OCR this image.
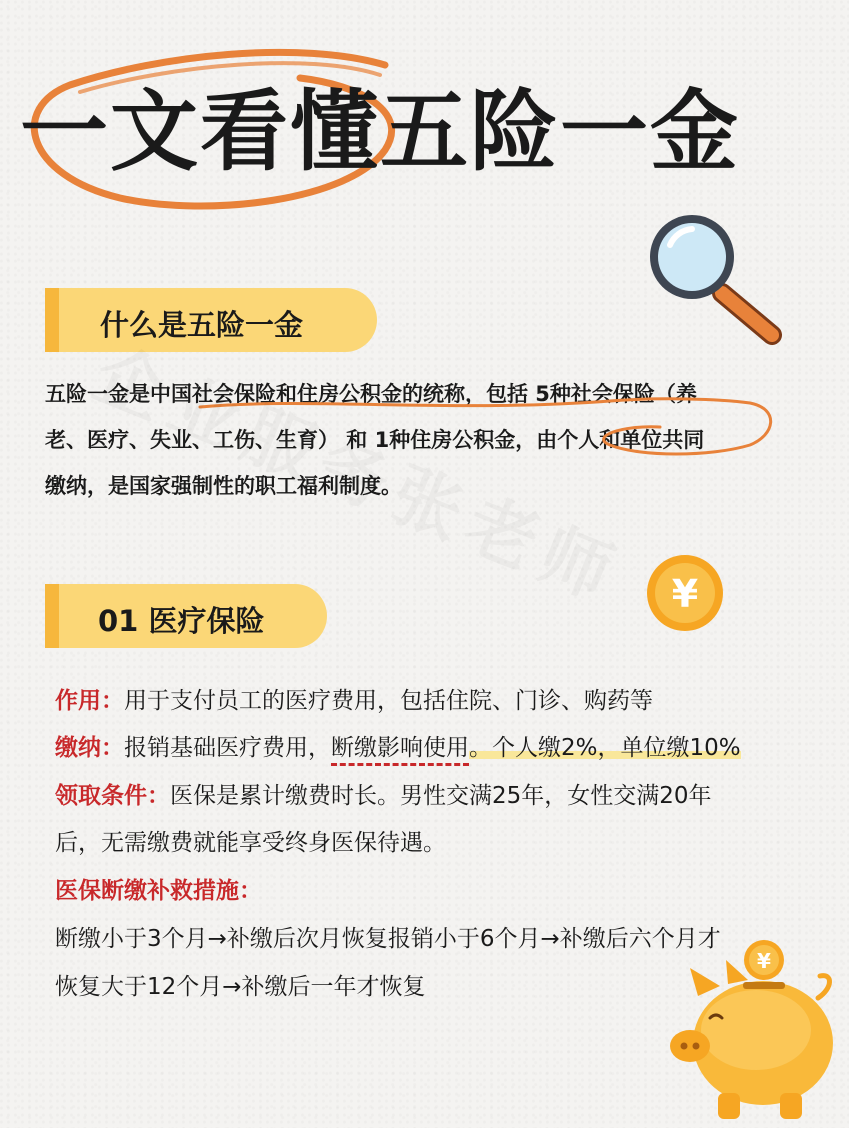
一文看懂五险一金
什么是五险一金

五险一金是中国社会保险和住房公积金的统称，包括 5种社会保险（养

老、医疗、失业、工伤、生育） 和 1种住房公积金，由个人和单位共同

缴纳，是国家强制性的职工福利制度。

¥
01 医疗保险

作用：用于支付员工的医疗费用，包括住院、门诊、购药等

缴纳：报销基础医疗费用，断缴影响使用。个人缴2%，单位缴10%

领取条件：医保是累计缴费时长。男性交满25年，女性交满20年

后，无需缴费就能享受终身医保待遇。

医保断缴补救措施：

断缴小于3个月→补缴后次月恢复报销小于6个月→补缴后六个月才

恢复大于12个月→补缴后一年才恢复

¥
